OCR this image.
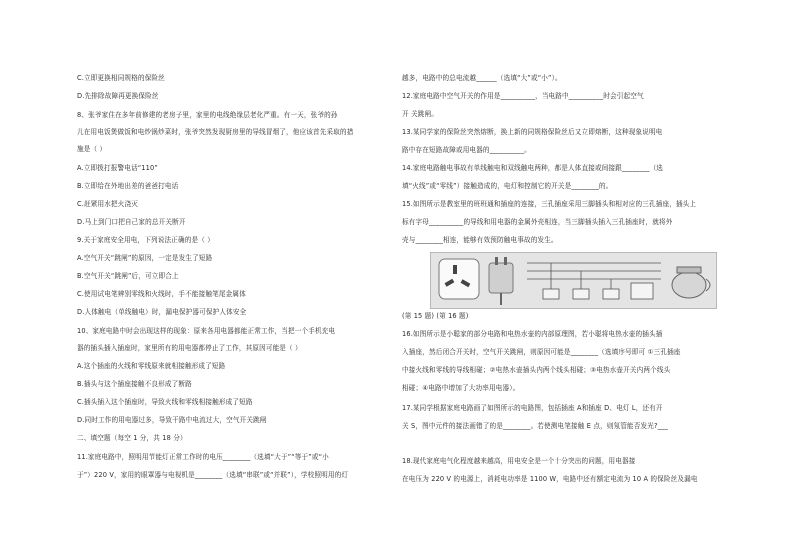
C.立即更换相同规格的保险丝
D.先排除故障再更换保险丝
8、张爷家住在多年前修建的老房子里，家里的电线绝缘层老化严重。有一天，张爷的孙
儿在用电饭煲做饭和电炒锅炒菜时，张爷突然发现厨房里的导线冒烟了，他应该首先采取的措
施是（ ）
A.立即拨打报警电话“110”
B.立即给在外地出差的爸爸打电话
C.赶紧用水把火浇灭
D.马上到门口把自己家的总开关断开
9.关于家庭安全用电，下列说法正确的是（ ）
A.空气开关“跳闸”的原因，一定是发生了短路
B.空气开关“跳闸”后，可立即合上
C.使用试电笔辨别零线和火线时，手不能接触笔尾金属体
D.人体触电（单线触电）时，漏电保护器可保护人体安全
10、家庭电路中时会出现这样的现象：原来各用电器都能正常工作，当把一个手机充电
器的插头插入插座时，家里所有的用电器都停止了工作，其原因可能是（ ）
A.这个插座的火线和零线原来就相接触形成了短路
B.插头与这个插座接触不良形成了断路
C.插头插入这个插座时，导致火线和零线相接触形成了短路
D.同时工作的用电器过多，导致干路中电流过大，空气开关跳闸
二、填空题（每空 1 分，共 18 分）
11.家庭电路中，照明用节能灯正常工作时的电压________（选填“大于”“等于”或“小
于”）220 V，家用的眼罩器与电视机是________（选填“串联”或“并联”），学校照明用的灯
越多，电路中的总电流越______（选填“大”或“小”）。
12.家庭电路中空气开关的作用是__________，当电路中__________时会引起空气
开 关跳闸。
13.某同学家的保险丝突然熔断，换上新的同规格保险丝后又立即熔断，这种现象说明电
路中存在短路故障或用电器的__________。
14.家庭电路触电事故有单线触电和双线触电两种，都是人体直接或间接跟________（选
填“火线”或“零线”）接触造成的，电灯和控制它的开关是________的。
15.如图所示是教室里的班班通和插座的连接，三孔插座采用三脚插头和相对应的三孔插座，插头上
标有字母__________的导线和用电器的金属外壳相连，当三脚插头插入三孔插座时，就将外
壳与________相连，能够有效预防触电事故的发生。
(第 15 题) (第 16 题)
16.如图所示是小聪家的部分电路和电热水壶的内部原理图，若小聪将电热水壶的插头插
入插座，然后闭合开关时，空气开关跳闸，则原因可能是________（选填序号即可 ①三孔插座
中接火线和零线的导线相碰；②电热水壶插头内两个线头相碰；③电热水壶开关内两个线头
相碰；④电路中增加了大功率用电器）。
17.某同学根据家庭电路画了如图所示的电路图，包括插座 A和插座 D、电灯 L，还有开
关 S，图中元件的接法画错了的是________。若使测电笔接触 E 点，则氖管能否发光?___
18.现代家庭电气化程度越来越高，用电安全是一个十分突出的问题，用电器接
在电压为 220 V 的电源上，消耗电功率是 1100 W，电路中还有额定电流为 10 A 的保险丝及漏电
